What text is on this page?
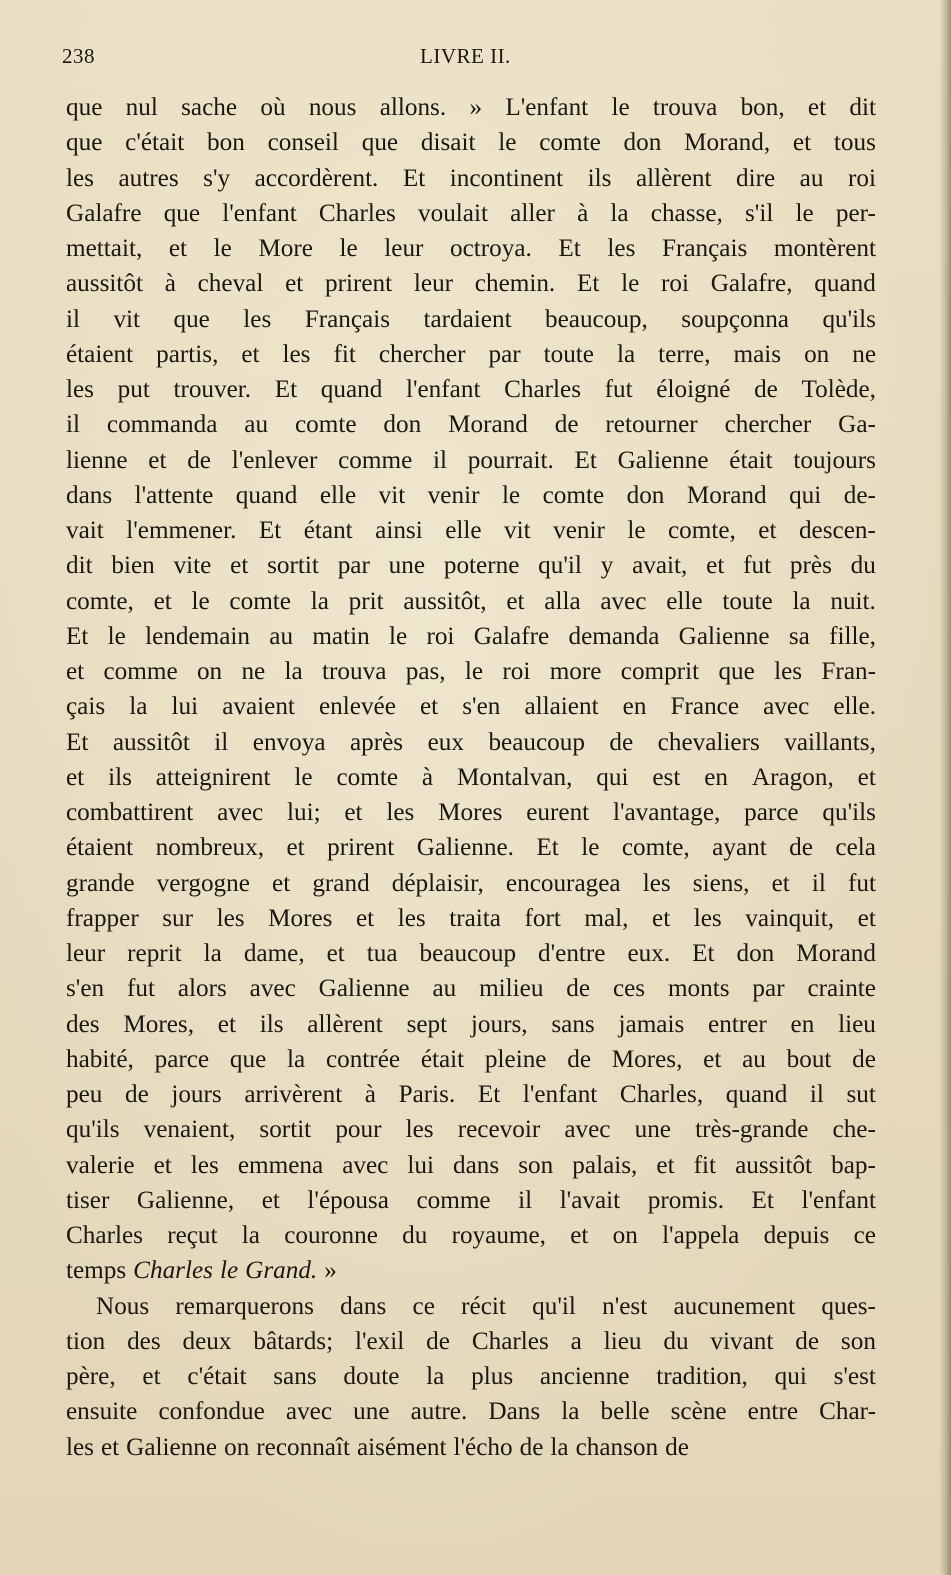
238	LIVRE II.
que nul sache où nous allons. » L'enfant le trouva bon, et dit
que c'était bon conseil que disait le comte don Morand, et tous
les autres s'y accordèrent. Et incontinent ils allèrent dire au roi
Galafre que l'enfant Charles voulait aller à la chasse, s'il le per-
mettait, et le More le leur octroya. Et les Français montèrent
aussitôt à cheval et prirent leur chemin. Et le roi Galafre, quand
il vit que les Français tardaient beaucoup, soupçonna qu'ils
étaient partis, et les fit chercher par toute la terre, mais on ne
les put trouver. Et quand l'enfant Charles fut éloigné de Tolède,
il commanda au comte don Morand de retourner chercher Ga-
lienne et de l'enlever comme il pourrait. Et Galienne était toujours
dans l'attente quand elle vit venir le comte don Morand qui de-
vait l'emmener. Et étant ainsi elle vit venir le comte, et descen-
dit bien vite et sortit par une poterne qu'il y avait, et fut près du
comte, et le comte la prit aussitôt, et alla avec elle toute la nuit.
Et le lendemain au matin le roi Galafre demanda Galienne sa fille,
et comme on ne la trouva pas, le roi more comprit que les Fran-
çais la lui avaient enlevée et s'en allaient en France avec elle.
Et aussitôt il envoya après eux beaucoup de chevaliers vaillants,
et ils atteignirent le comte à Montalvan, qui est en Aragon, et
combattirent avec lui; et les Mores eurent l'avantage, parce qu'ils
étaient nombreux, et prirent Galienne. Et le comte, ayant de cela
grande vergogne et grand déplaisir, encouragea les siens, et il fut
frapper sur les Mores et les traita fort mal, et les vainquit, et
leur reprit la dame, et tua beaucoup d'entre eux. Et don Morand
s'en fut alors avec Galienne au milieu de ces monts par crainte
des Mores, et ils allèrent sept jours, sans jamais entrer en lieu
habité, parce que la contrée était pleine de Mores, et au bout de
peu de jours arrivèrent à Paris. Et l'enfant Charles, quand il sut
qu'ils venaient, sortit pour les recevoir avec une très-grande che-
valerie et les emmena avec lui dans son palais, et fit aussitôt bap-
tiser Galienne, et l'épousa comme il l'avait promis. Et l'enfant
Charles reçut la couronne du royaume, et on l'appela depuis ce
temps Charles le Grand. »
Nous remarquerons dans ce récit qu'il n'est aucunement ques-
tion des deux bâtards; l'exil de Charles a lieu du vivant de son
père, et c'était sans doute la plus ancienne tradition, qui s'est
ensuite confondue avec une autre. Dans la belle scène entre Char-
les et Galienne on reconnaît aisément l'écho de la chanson de
